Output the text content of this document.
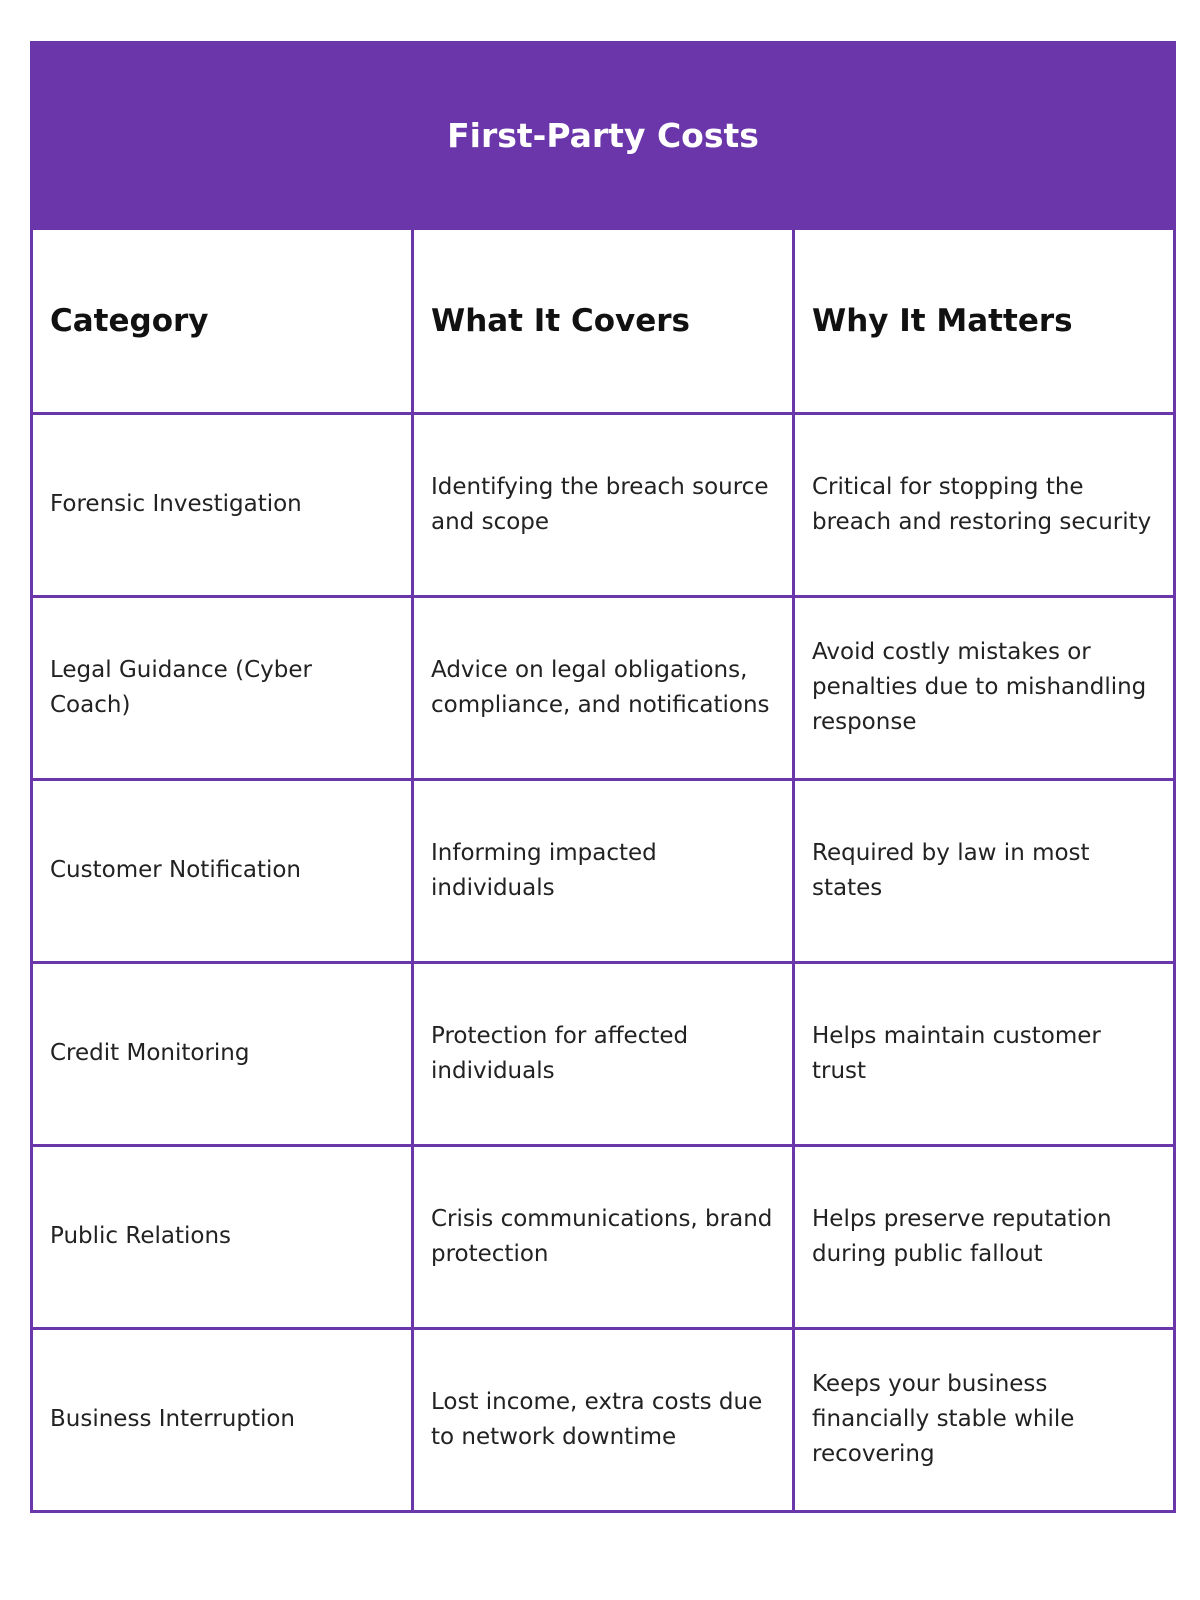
First-Party Costs
Category	What It Covers	Why It Matters
Forensic Investigation	Identifying the breach source and scope	Critical for stopping the breach and restoring security
Legal Guidance (Cyber Coach)	Advice on legal obligations, compliance, and notifications	Avoid costly mistakes or penalties due to mishandling response
Customer Notification	Informing impacted individuals	Required by law in most states
Credit Monitoring	Protection for affected individuals	Helps maintain customer trust
Public Relations	Crisis communications, brand protection	Helps preserve reputation during public fallout
Business Interruption	Lost income, extra costs due to network downtime	Keeps your business financially stable while recovering
